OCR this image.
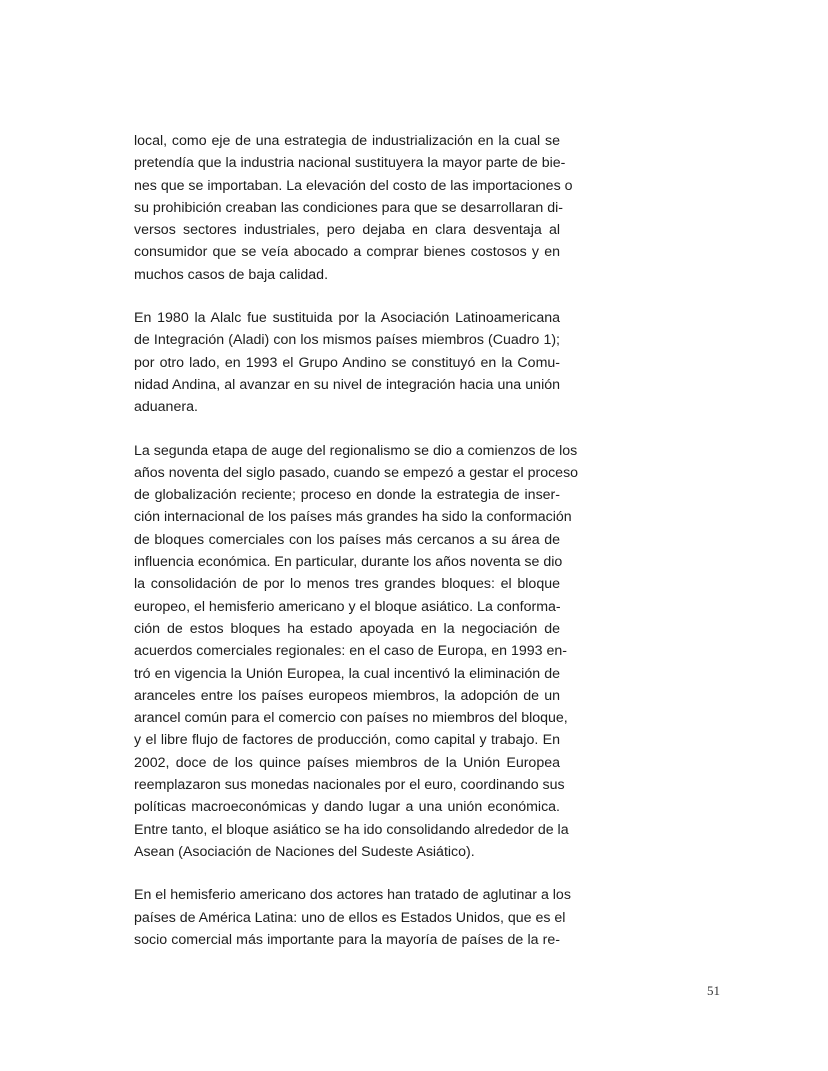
local, como eje de una estrategia de industrialización en la cual se
pretendía que la industria nacional sustituyera la mayor parte de bie-
nes que se importaban. La elevación del costo de las importaciones o
su prohibición creaban las condiciones para que se desarrollaran di-
versos sectores industriales, pero dejaba en clara desventaja al
consumidor que se veía abocado a comprar bienes costosos y en
muchos casos de baja calidad.

En 1980 la Alalc fue sustituida por la Asociación Latinoamericana
de Integración (Aladi) con los mismos países miembros (Cuadro 1);
por otro lado, en 1993 el Grupo Andino se constituyó en la Comu-
nidad Andina, al avanzar en su nivel de integración hacia una unión
aduanera.

La segunda etapa de auge del regionalismo se dio a comienzos de los
años noventa del siglo pasado, cuando se empezó a gestar el proceso
de globalización reciente; proceso en donde la estrategia de inser-
ción internacional de los países más grandes ha sido la conformación
de bloques comerciales con los países más cercanos a su área de
influencia económica. En particular, durante los años noventa se dio
la consolidación de por lo menos tres grandes bloques: el bloque
europeo, el hemisferio americano y el bloque asiático. La conforma-
ción de estos bloques ha estado apoyada en la negociación de
acuerdos comerciales regionales: en el caso de Europa, en 1993 en-
tró en vigencia la Unión Europea, la cual incentivó la eliminación de
aranceles entre los países europeos miembros, la adopción de un
arancel común para el comercio con países no miembros del bloque,
y el libre flujo de factores de producción, como capital y trabajo. En
2002, doce de los quince países miembros de la Unión Europea
reemplazaron sus monedas nacionales por el euro, coordinando sus
políticas macroeconómicas y dando lugar a una unión económica.
Entre tanto, el bloque asiático se ha ido consolidando alrededor de la
Asean (Asociación de Naciones del Sudeste Asiático).

En el hemisferio americano dos actores han tratado de aglutinar a los
países de América Latina: uno de ellos es Estados Unidos, que es el
socio comercial más importante para la mayoría de países de la re-

51
